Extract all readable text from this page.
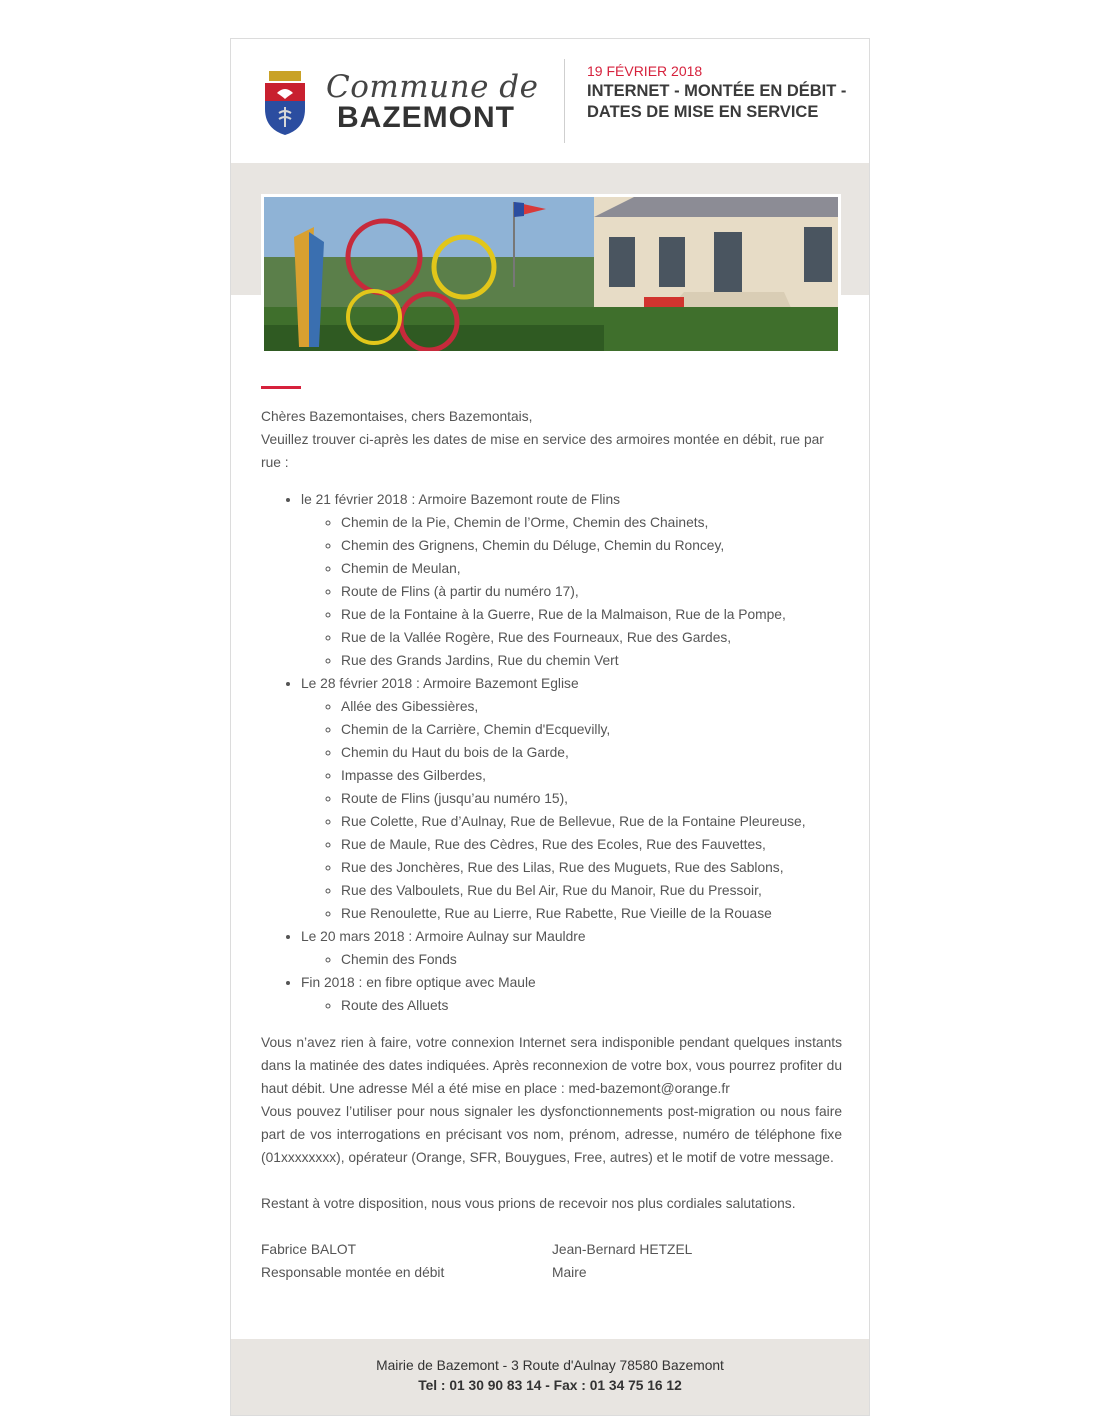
Commune de
BAZEMONT
19 FÉVRIER 2018
INTERNET - MONTÉE EN DÉBIT - DATES DE MISE EN SERVICE

Chères Bazemontaises, chers Bazemontais,

Veuillez trouver ci-après les dates de mise en service des armoires montée en débit, rue par rue :

• le 21 février 2018 : Armoire Bazemont route de Flins
◦ Chemin de la Pie, Chemin de l’Orme, Chemin des Chainets,
◦ Chemin des Grignens, Chemin du Déluge, Chemin du Roncey,
◦ Chemin de Meulan,
◦ Route de Flins (à partir du numéro 17),
◦ Rue de la Fontaine à la Guerre, Rue de la Malmaison, Rue de la Pompe,
◦ Rue de la Vallée Rogère, Rue des Fourneaux, Rue des Gardes,
◦ Rue des Grands Jardins, Rue du chemin Vert
• Le 28 février 2018 : Armoire Bazemont Eglise
◦ Allée des Gibessières,
◦ Chemin de la Carrière, Chemin d'Ecquevilly,
◦ Chemin du Haut du bois de la Garde,
◦ Impasse des Gilberdes,
◦ Route de Flins (jusqu’au numéro 15),
◦ Rue Colette, Rue d’Aulnay, Rue de Bellevue, Rue de la Fontaine Pleureuse,
◦ Rue de Maule, Rue des Cèdres, Rue des Ecoles, Rue des Fauvettes,
◦ Rue des Jonchères, Rue des Lilas, Rue des Muguets, Rue des Sablons,
◦ Rue des Valboulets, Rue du Bel Air, Rue du Manoir, Rue du Pressoir,
◦ Rue Renoulette, Rue au Lierre, Rue Rabette, Rue Vieille de la Rouase
• Le 20 mars 2018 : Armoire Aulnay sur Mauldre
◦ Chemin des Fonds
• Fin 2018 : en fibre optique avec Maule
◦ Route des Alluets

Vous n’avez rien à faire, votre connexion Internet sera indisponible pendant quelques instants dans la matinée des dates indiquées. Après reconnexion de votre box, vous pourrez profiter du haut débit. Une adresse Mél a été mise en place : med-bazemont@orange.fr

Vous pouvez l’utiliser pour nous signaler les dysfonctionnements post-migration ou nous faire part de vos interrogations en précisant vos nom, prénom, adresse, numéro de téléphone fixe (01xxxxxxxx), opérateur (Orange, SFR, Bouygues, Free, autres) et le motif de votre message.

Restant à votre disposition, nous vous prions de recevoir nos plus cordiales salutations.

Fabrice BALOT
Responsable montée en débit
Jean-Bernard HETZEL
Maire
Mairie de Bazemont - 3 Route d'Aulnay 78580 Bazemont
Tel : 01 30 90 83 14 - Fax : 01 34 75 16 12
